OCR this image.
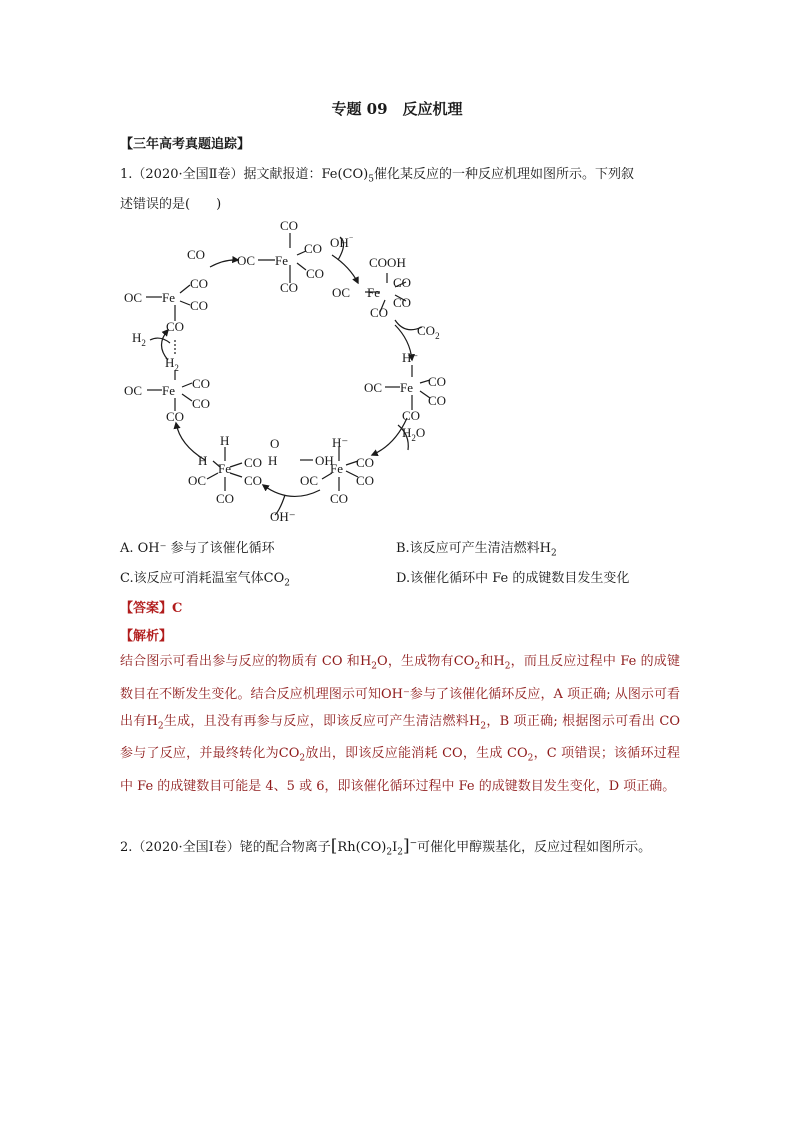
专题 09　反应机理
【三年高考真题追踪】
1.（2020·全国Ⅱ卷）据文献报道：$Fe(CO)_5$催化某反应的一种反应机理如图所示。下列叙
述错误的是(　　)
Fe
OC
CO
CO
CO
CO
CO
OH⁻
COOH
OC Fe
CO
CO
CO
$CO_2$
OC Fe
CO
CO
CO
$H_2$
$H_2$
OC Fe CO
CO
CO
H⁻
OC Fe CO
CO
CO
$H_2O$
H
H
Fe CO
CO
OC
CO
H
O
OH
H⁻
Fe CO
CO
OC
CO
OH⁻
A. OH⁻ 参与了该催化循环	B.该反应可产生清洁燃料$H_2$
C.该反应可消耗温室气体$CO_2$	D.该催化循环中 Fe 的成键数目发生变化
【答案】C
【解析】

结合图示可看出参与反应的物质有 CO 和$H_2O$，生成物有$CO_2$和$H_2$，而且反应过程中 Fe 的成键数目在不断发生变化。结合反应机理图示可知OH⁻参与了该催化循环反应，A 项正确; 从图示可看出有$H_2$生成，且没有再参与反应，即该反应可产生清洁燃料$H_2$，B 项正确; 根据图示可看出 CO 参与了反应，并最终转化为$CO_2$放出，即该反应能消耗 CO，生成 $CO_2$，C 项错误；该循环过程中 Fe 的成键数目可能是 4、5 或 6，即该催化循环过程中 Fe 的成键数目发生变化，D 项正确。

2.（2020·全国Ⅰ卷）铑的配合物离子$[Rh(CO)_2I_2]^-$可催化甲醇羰基化，反应过程如图所示。
